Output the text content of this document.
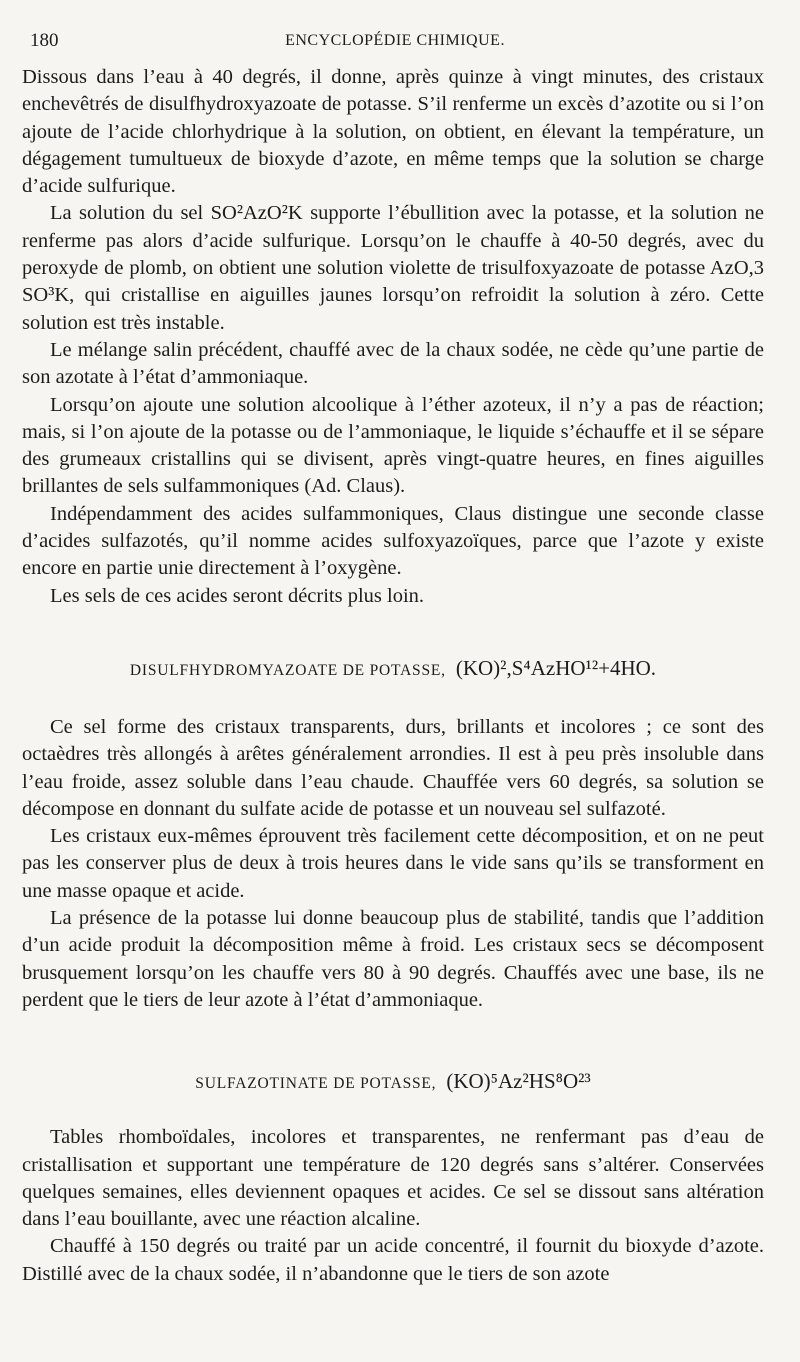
180	ENCYCLOPÉDIE CHIMIQUE.

Dissous dans l’eau à 40 degrés, il donne, après quinze à vingt minutes, des cristaux enchevêtrés de disulfhydroxyazoate de potasse. S’il renferme un excès d’azotite ou si l’on ajoute de l’acide chlorhydrique à la solution, on obtient, en élevant la température, un dégagement tumultueux de bioxyde d’azote, en même temps que la solution se charge d’acide sulfurique.

La solution du sel SO²AzO²K supporte l’ébullition avec la potasse, et la solution ne renferme pas alors d’acide sulfurique. Lorsqu’on le chauffe à 40-50 degrés, avec du peroxyde de plomb, on obtient une solution violette de trisulfoxyazoate de potasse AzO,3 SO³K, qui cristallise en aiguilles jaunes lorsqu’on refroidit la solution à zéro. Cette solution est très instable.

Le mélange salin précédent, chauffé avec de la chaux sodée, ne cède qu’une partie de son azotate à l’état d’ammoniaque.

Lorsqu’on ajoute une solution alcoolique à l’éther azoteux, il n’y a pas de réaction; mais, si l’on ajoute de la potasse ou de l’ammoniaque, le liquide s’échauffe et il se sépare des grumeaux cristallins qui se divisent, après vingt-quatre heures, en fines aiguilles brillantes de sels sulfammoniques (Ad. Claus).

Indépendamment des acides sulfammoniques, Claus distingue une seconde classe d’acides sulfazotés, qu’il nomme acides sulfoxyazoïques, parce que l’azote y existe encore en partie unie directement à l’oxygène.

Les sels de ces acides seront décrits plus loin.

DISULFHYDROMYAZOATE DE POTASSE, (KO)²,S⁴AzHO¹²+4HO.

Ce sel forme des cristaux transparents, durs, brillants et incolores ; ce sont des octaèdres très allongés à arêtes généralement arrondies. Il est à peu près insoluble dans l’eau froide, assez soluble dans l’eau chaude. Chauffée vers 60 degrés, sa solution se décompose en donnant du sulfate acide de potasse et un nouveau sel sulfazoté.

Les cristaux eux-mêmes éprouvent très facilement cette décomposition, et on ne peut pas les conserver plus de deux à trois heures dans le vide sans qu’ils se transforment en une masse opaque et acide.

La présence de la potasse lui donne beaucoup plus de stabilité, tandis que l’addition d’un acide produit la décomposition même à froid. Les cristaux secs se décomposent brusquement lorsqu’on les chauffe vers 80 à 90 degrés. Chauffés avec une base, ils ne perdent que le tiers de leur azote à l’état d’ammoniaque.

SULFAZOTINATE DE POTASSE, (KO)⁵Az²HS⁸O²³

Tables rhomboïdales, incolores et transparentes, ne renfermant pas d’eau de cristallisation et supportant une température de 120 degrés sans s’altérer. Conservées quelques semaines, elles deviennent opaques et acides. Ce sel se dissout sans altération dans l’eau bouillante, avec une réaction alcaline.

Chauffé à 150 degrés ou traité par un acide concentré, il fournit du bioxyde d’azote. Distillé avec de la chaux sodée, il n’abandonne que le tiers de son azote
